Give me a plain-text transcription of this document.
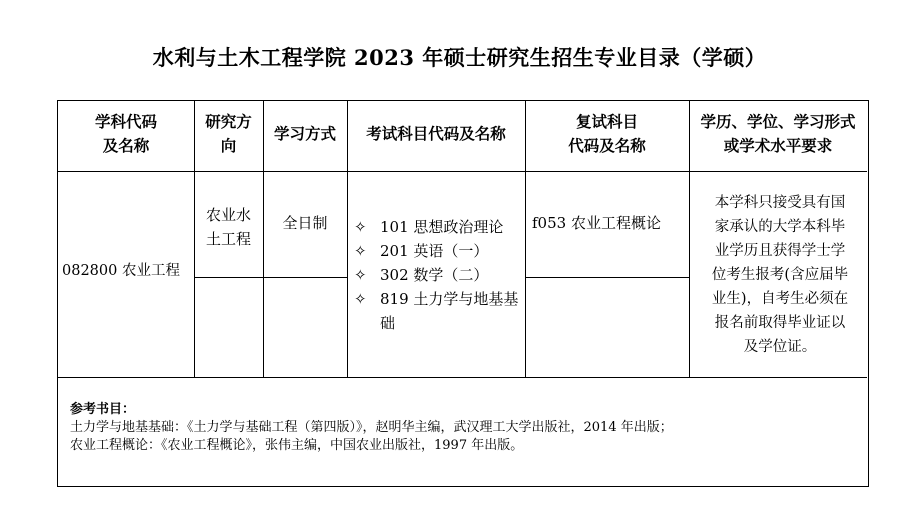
水利与土木工程学院 2023 年硕士研究生招生专业目录（学硕）
学科代码
及名称
研究方
向
学习方式	考试科目代码及名称
复试科目
代码及名称
学历、学位、学习形式
或学术水平要求
082800 农业工程
农业水
土工程
全日制	✧ 101 思想政治理论
✧ 201 英语（一）
✧ 302 数学（二）
✧ 819 土力学与地基基础
f053 农业工程概论
本学科只接受具有国
家承认的大学本科毕
业学历且获得学士学
位考生报考(含应届毕
业生)，自考生必须在
报名前取得毕业证以
及学位证。
参考书目：
土力学与地基基础：《土力学与基础工程（第四版）》，赵明华主编，武汉理工大学出版社，2014 年出版；
农业工程概论：《农业工程概论》，张伟主编，中国农业出版社，1997 年出版。
